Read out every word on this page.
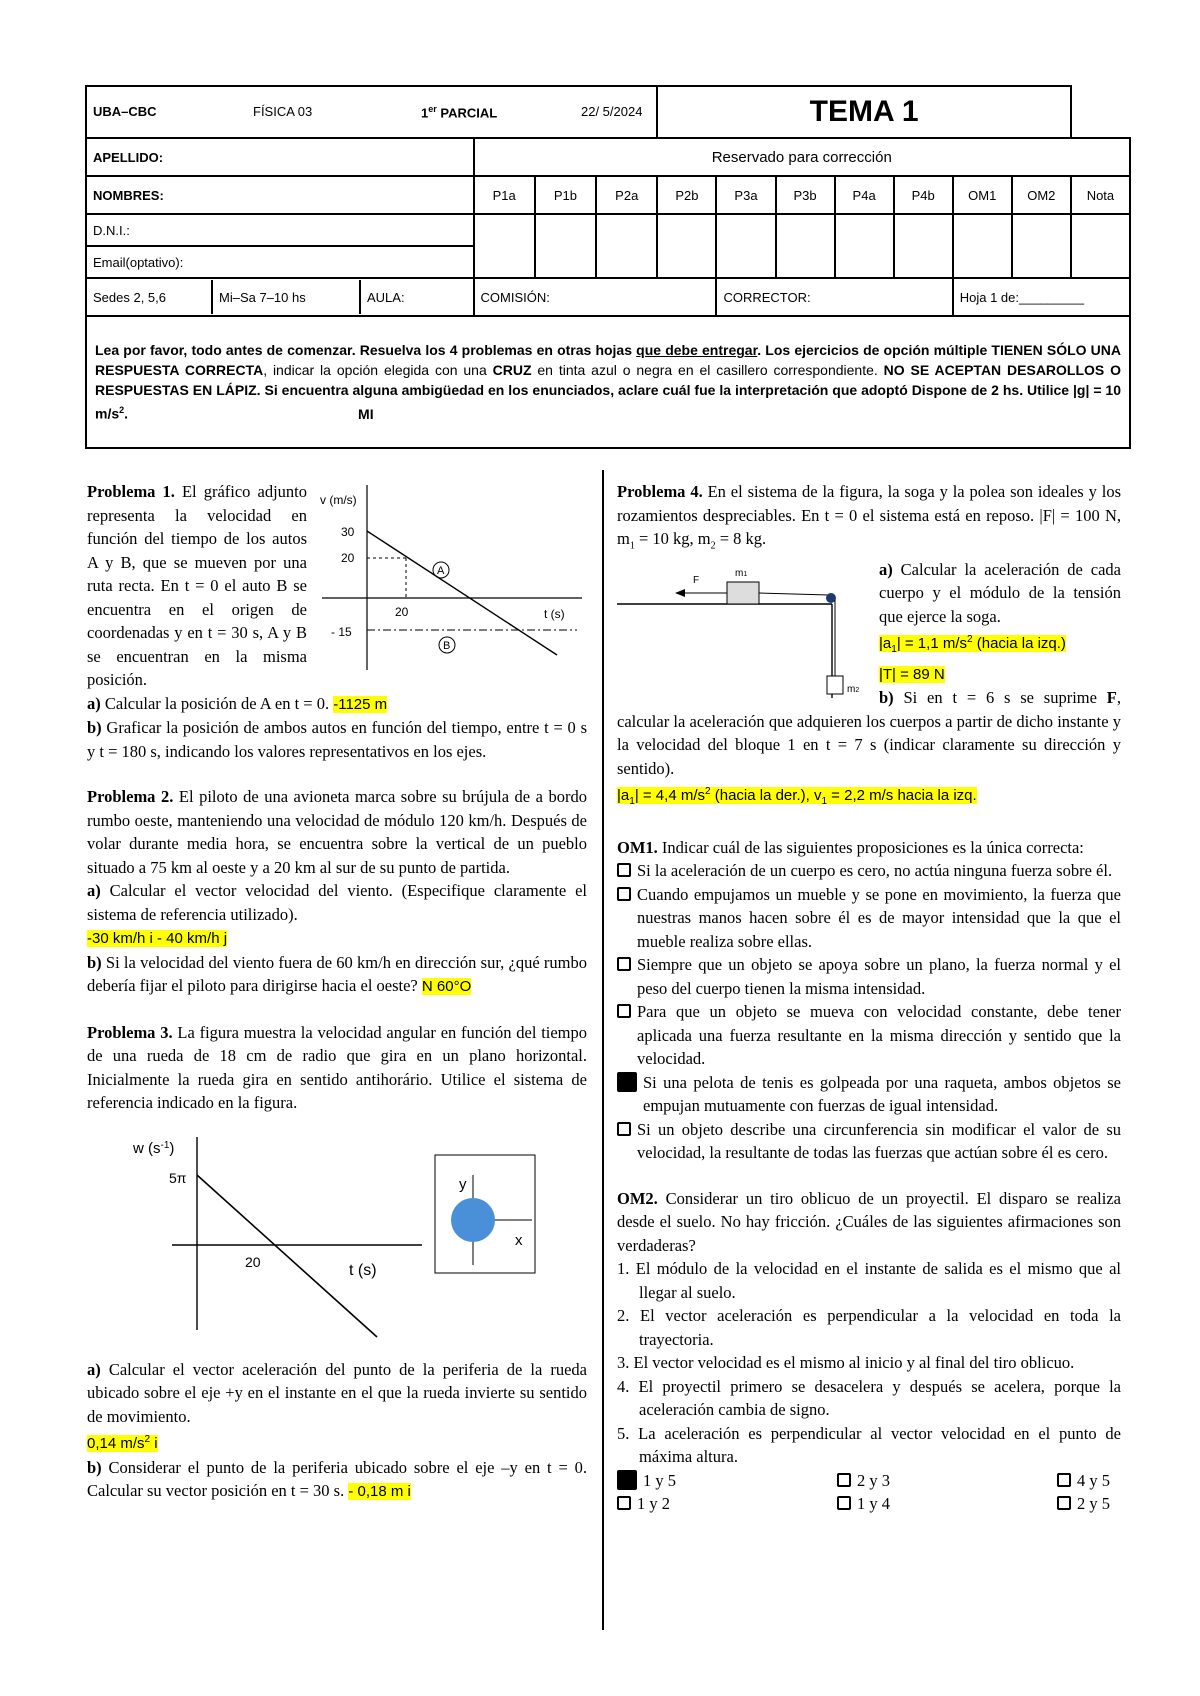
UBA–CBC FÍSICA 03 1er PARCIAL 22/ 5/2024				TEMA 1							
APELLIDO:	Reservado para corrección										
NOMBRES:	P1a	P1b	P2a	P2b	P3a	P3b	P4a	P4b	OM1	OM2	Nota
D.N.I.:											
Email(optativo):											

Sedes 2, 5,6 Mi–Sa 7–10 hs AULA:	COMISIÓN:				CORRECTOR:				Hoja 1 de:_________		
Lea por favor, todo antes de comenzar. Resuelva los 4 problemas en otras hojas que debe entregar. Los ejercicios de opción múltiple TIENEN SÓLO UNA RESPUESTA CORRECTA, indicar la opción elegida con una CRUZ en tinta azul o negra en el casillero correspondiente. NO SE ACEPTAN DESAROLLOS O RESPUESTAS EN LÁPIZ. Si encuentra alguna ambigüedad en los enunciados, aclare cuál fue la interpretación que adoptó Dispone de 2 hs. Utilice |g| = 10 $m/s^2$. MI											
v (m/s)
t (s)
30
20
20
- 15
A
B

Problema 1. El gráfico adjunto representa la velocidad en función del tiempo de los autos A y B, que se mueven por una ruta recta. En t = 0 el auto B se encuentra en el origen de coordenadas y en t = 30 s, A y B se encuentran en la misma posición.

a) Calcular la posición de A en t = 0. -1125 m

b) Graficar la posición de ambos autos en función del tiempo, entre t = 0 s y t = 180 s, indicando los valores representativos en los ejes.

Problema 2. El piloto de una avioneta marca sobre su brújula de a bordo rumbo oeste, manteniendo una velocidad de módulo 120 km/h. Después de volar durante media hora, se encuentra sobre la vertical de un pueblo situado a 75 km al oeste y a 20 km al sur de su punto de partida.

a) Calcular el vector velocidad del viento. (Especifique claramente el sistema de referencia utilizado).

-30 km/h i - 40 km/h j

b) Si la velocidad del viento fuera de 60 km/h en dirección sur, ¿qué rumbo debería fijar el piloto para dirigirse hacia el oeste? N 60°O

Problema 3. La figura muestra la velocidad angular en función del tiempo de una rueda de 18 cm de radio que gira en un plano horizontal. Inicialmente la rueda gira en sentido antihorário. Utilice el sistema de referencia indicado en la figura.

w $(s^{-1})$
5π
20	t (s)
y
x

a) Calcular el vector aceleración del punto de la periferia de la rueda ubicado sobre el eje +y en el instante en el que la rueda invierte su sentido de movimiento.

0,14 $m/s^2$ i

b) Considerar el punto de la periferia ubicado sobre el eje –y en t = 0. Calcular su vector posición en t = 30 s. - 0,18 m i

Problema 4. En el sistema de la figura, la soga y la polea son ideales y los rozamientos despreciables. En t = 0 el sistema está en reposo. |F| = 100 N, $m_1 = 10$ kg, $m_2 = 8$ kg.

F
m1
m2

a) Calcular la aceleración de cada cuerpo y el módulo de la tensión que ejerce la soga.

$|a_1| = 1,1$ $m/s^2$ (hacia la izq.)

|T| = 89 N

b) Si en t = 6 s se suprime F, calcular la aceleración que adquieren los cuerpos a partir de dicho instante y la velocidad del bloque 1 en t = 7 s (indicar claramente su dirección y sentido).

$|a_1| = 4,4$ $m/s^2$ (hacia la der.), $v_1 = 2,2$ m/s hacia la izq.

OM1. Indicar cuál de las siguientes proposiciones es la única correcta:

Si la aceleración de un cuerpo es cero, no actúa ninguna fuerza sobre él.
Cuando empujamos un mueble y se pone en movimiento, la fuerza que nuestras manos hacen sobre él es de mayor intensidad que la que el mueble realiza sobre ellas.
Siempre que un objeto se apoya sobre un plano, la fuerza normal y el peso del cuerpo tienen la misma intensidad.
Para que un objeto se mueva con velocidad constante, debe tener aplicada una fuerza resultante en la misma dirección y sentido que la velocidad.
Si una pelota de tenis es golpeada por una raqueta, ambos objetos se empujan mutuamente con fuerzas de igual intensidad.
Si un objeto describe una circunferencia sin modificar el valor de su velocidad, la resultante de todas las fuerzas que actúan sobre él es cero.

OM2. Considerar un tiro oblicuo de un proyectil. El disparo se realiza desde el suelo. No hay fricción. ¿Cuáles de las siguientes afirmaciones son verdaderas?

1. El módulo de la velocidad en el instante de salida es el mismo que al llegar al suelo.

2. El vector aceleración es perpendicular a la velocidad en toda la trayectoria.

3. El vector velocidad es el mismo al inicio y al final del tiro oblicuo.

4. El proyectil primero se desacelera y después se acelera, porque la aceleración cambia de signo.

5. La aceleración es perpendicular al vector velocidad en el punto de máxima altura.

1 y 5	2 y 3	4 y 5
1 y 2	1 y 4	2 y 5
